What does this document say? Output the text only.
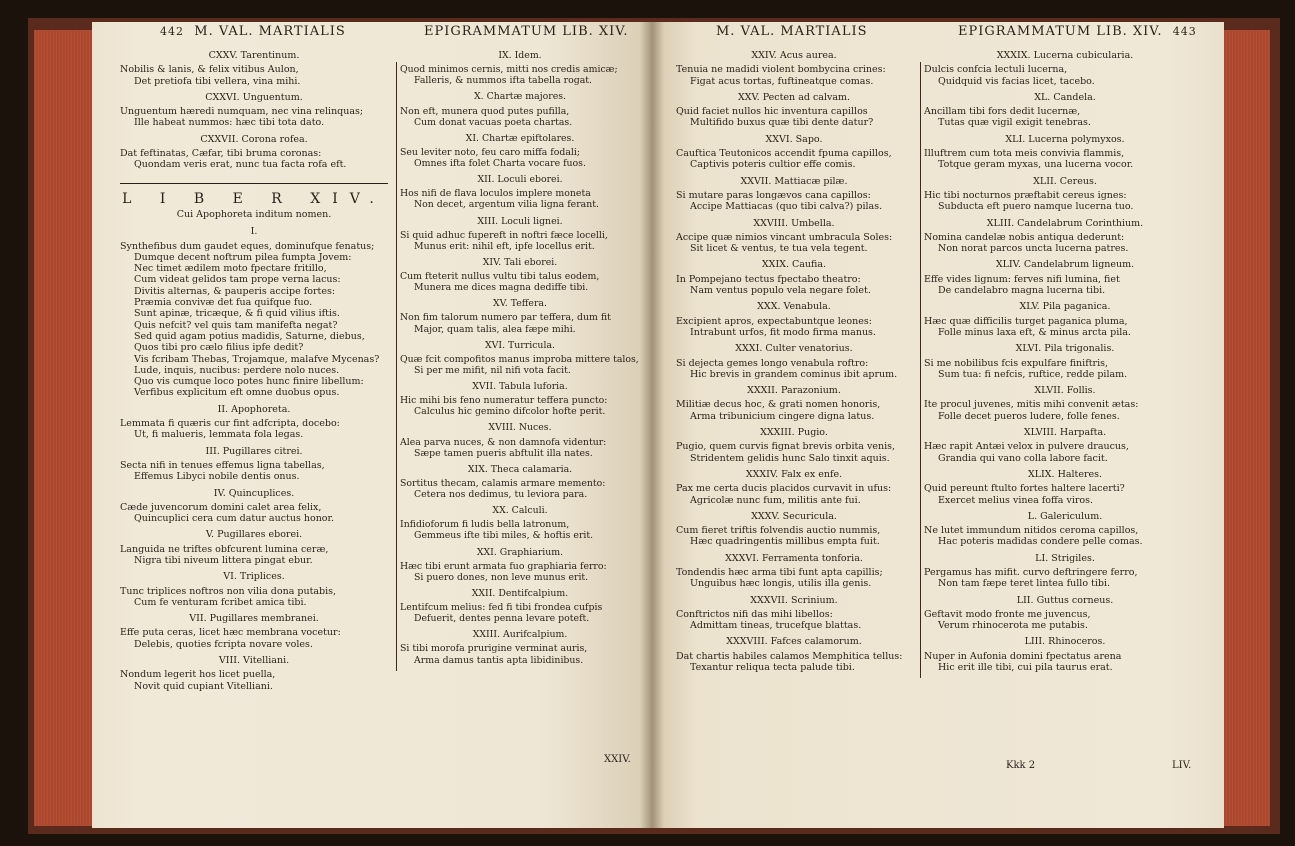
442 M. VAL. MARTIALIS	EPIGRAMMATUM LIB. XIV.	M. VAL. MARTIALIS	EPIGRAMMATUM LIB. XIV. 443
CXXV. Tarentinum.
Nobilis & lanis, & felix vitibus Aulon,
Det pretiofa tibi vellera, vina mihi.
CXXVI. Unguentum.
Unguentum hæredi numquam, nec vina relinquas;
Ille habeat nummos: hæc tibi tota dato.
CXXVII. Corona rofea.
Dat feftinatas, Cæfar, tibi bruma coronas:
Quondam veris erat, nunc tua facta rofa eft.
L I B E R XIV.
Cui Apophoreta inditum nomen.
I.
Synthefibus dum gaudet eques, dominufque fenatus;
Dumque decent noftrum pilea fumpta Jovem:
Nec timet ædilem moto fpectare fritillo,
Cum videat gelidos tam prope verna lacus:
Divitis alternas, & pauperis accipe fortes:
Præmia convivæ det fua quifque fuo.
Sunt apinæ, tricæque, & fi quid vilius iftis.
Quis nefcit? vel quis tam manifefta negat?
Sed quid agam potius madidis, Saturne, diebus,
Quos tibi pro cælo filius ipfe dedit?
Vis fcribam Thebas, Trojamque, malafve Mycenas?
Lude, inquis, nucibus: perdere nolo nuces.
Quo vis cumque loco potes hunc finire libellum:
Verfibus explicitum eft omne duobus opus.
II. Apophoreta.
Lemmata fi quæris cur fint adfcripta, docebo:
Ut, fi malueris, lemmata fola legas.
III. Pugillares citrei.
Secta nifi in tenues effemus ligna tabellas,
Effemus Libyci nobile dentis onus.
IV. Quincuplices.
Cæde juvencorum domini calet area felix,
Quincuplici cera cum datur auctus honor.
V. Pugillares eborei.
Languida ne triftes obfcurent lumina ceræ,
Nigra tibi niveum littera pingat ebur.
VI. Triplices.
Tunc triplices noftros non vilia dona putabis,
Cum fe venturam fcribet amica tibi.
VII. Pugillares membranei.
Effe puta ceras, licet hæc membrana vocetur:
Delebis, quoties fcripta novare voles.
VIII. Vitelliani.
Nondum legerit hos licet puella,
Novit quid cupiant Vitelliani.
IX. Idem.
Quod minimos cernis, mitti nos credis amicæ;
Falleris, & nummos ifta tabella rogat.
X. Chartæ majores.
Non eft, munera quod putes pufilla,
Cum donat vacuas poeta chartas.
XI. Chartæ epiftolares.
Seu leviter noto, feu caro miffa fodali;
Omnes ifta folet Charta vocare fuos.
XII. Loculi eborei.
Hos nifi de flava loculos implere moneta
Non decet, argentum vilia ligna ferant.
XIII. Loculi lignei.
Si quid adhuc fupereft in noftri fæce locelli,
Munus erit: nihil eft, ipfe locellus erit.
XIV. Tali eborei.
Cum fteterit nullus vultu tibi talus eodem,
Munera me dices magna dediffe tibi.
XV. Teffera.
Non fim talorum numero par teffera, dum fit
Major, quam talis, alea fæpe mihi.
XVI. Turricula.
Quæ fcit compofitos manus improba mittere talos,
Si per me mifit, nil nifi vota facit.
XVII. Tabula luforia.
Hic mihi bis feno numeratur teffera puncto:
Calculus hic gemino difcolor hofte perit.
XVIII. Nuces.
Alea parva nuces, & non damnofa videntur:
Sæpe tamen pueris abftulit illa nates.
XIX. Theca calamaria.
Sortitus thecam, calamis armare memento:
Cetera nos dedimus, tu leviora para.
XX. Calculi.
Infidioforum fi ludis bella latronum,
Gemmeus ifte tibi miles, & hoftis erit.
XXI. Graphiarium.
Hæc tibi erunt armata fuo graphiaria ferro:
Si puero dones, non leve munus erit.
XXII. Dentifcalpium.
Lentifcum melius: fed fi tibi frondea cufpis
Defuerit, dentes penna levare poteft.
XXIII. Aurifcalpium.
Si tibi morofa prurigine verminat auris,
Arma damus tantis apta libidinibus.
XXIV.
XXIV. Acus aurea.
Tenuia ne madidi violent bombycina crines:
Figat acus tortas, fuftineatque comas.
XXV. Pecten ad calvam.
Quid faciet nullos hic inventura capillos
Multifido buxus quæ tibi dente datur?
XXVI. Sapo.
Cauftica Teutonicos accendit fpuma capillos,
Captivis poteris cultior effe comis.
XXVII. Mattiacæ pilæ.
Si mutare paras longævos cana capillos:
Accipe Mattiacas (quo tibi calva?) pilas.
XXVIII. Umbella.
Accipe quæ nimios vincant umbracula Soles:
Sit licet & ventus, te tua vela tegent.
XXIX. Caufia.
In Pompejano tectus fpectabo theatro:
Nam ventus populo vela negare folet.
XXX. Venabula.
Excipient apros, expectabuntque leones:
Intrabunt urfos, fit modo firma manus.
XXXI. Culter venatorius.
Si dejecta gemes longo venabula roftro:
Hic brevis in grandem cominus ibit aprum.
XXXII. Parazonium.
Militiæ decus hoc, & grati nomen honoris,
Arma tribunicium cingere digna latus.
XXXIII. Pugio.
Pugio, quem curvis fignat brevis orbita venis,
Stridentem gelidis hunc Salo tinxit aquis.
XXXIV. Falx ex enfe.
Pax me certa ducis placidos curvavit in ufus:
Agricolæ nunc fum, militis ante fui.
XXXV. Securicula.
Cum fieret triftis folvendis auctio nummis,
Hæc quadringentis millibus empta fuit.
XXXVI. Ferramenta tonforia.
Tondendis hæc arma tibi funt apta capillis;
Unguibus hæc longis, utilis illa genis.
XXXVII. Scrinium.
Conftrictos nifi das mihi libellos:
Admittam tineas, trucefque blattas.
XXXVIII. Fafces calamorum.
Dat chartis habiles calamos Memphitica tellus:
Texantur reliqua tecta palude tibi.
XXXIX. Lucerna cubicularia.
Dulcis confcia lectuli lucerna,
Quidquid vis facias licet, tacebo.
XL. Candela.
Ancillam tibi fors dedit lucernæ,
Tutas quæ vigil exigit tenebras.
XLI. Lucerna polymyxos.
Illuftrem cum tota meis convivia flammis,
Totque geram myxas, una lucerna vocor.
XLII. Cereus.
Hic tibi nocturnos præftabit cereus ignes:
Subducta eft puero namque lucerna tuo.
XLIII. Candelabrum Corinthium.
Nomina candelæ nobis antiqua dederunt:
Non norat parcos uncta lucerna patres.
XLIV. Candelabrum ligneum.
Effe vides lignum: ferves nifi lumina, fiet
De candelabro magna lucerna tibi.
XLV. Pila paganica.
Hæc quæ difficilis turget paganica pluma,
Folle minus laxa eft, & minus arcta pila.
XLVI. Pila trigonalis.
Si me nobilibus fcis expulfare finiftris,
Sum tua: fi nefcis, ruftice, redde pilam.
XLVII. Follis.
Ite procul juvenes, mitis mihi convenit ætas:
Folle decet pueros ludere, folle fenes.
XLVIII. Harpafta.
Hæc rapit Antæi velox in pulvere draucus,
Grandia qui vano colla labore facit.
XLIX. Halteres.
Quid pereunt ftulto fortes haltere lacerti?
Exercet melius vinea foffa viros.
L. Galericulum.
Ne lutet immundum nitidos ceroma capillos,
Hac poteris madidas condere pelle comas.
LI. Strigiles.
Pergamus has mifit. curvo deftringere ferro,
Non tam fæpe teret lintea fullo tibi.
LII. Guttus corneus.
Geftavit modo fronte me juvencus,
Verum rhinocerota me putabis.
LIII. Rhinoceros.
Nuper in Aufonia domini fpectatus arena
Hic erit ille tibi, cui pila taurus erat.
Kkk 2	LIV.
